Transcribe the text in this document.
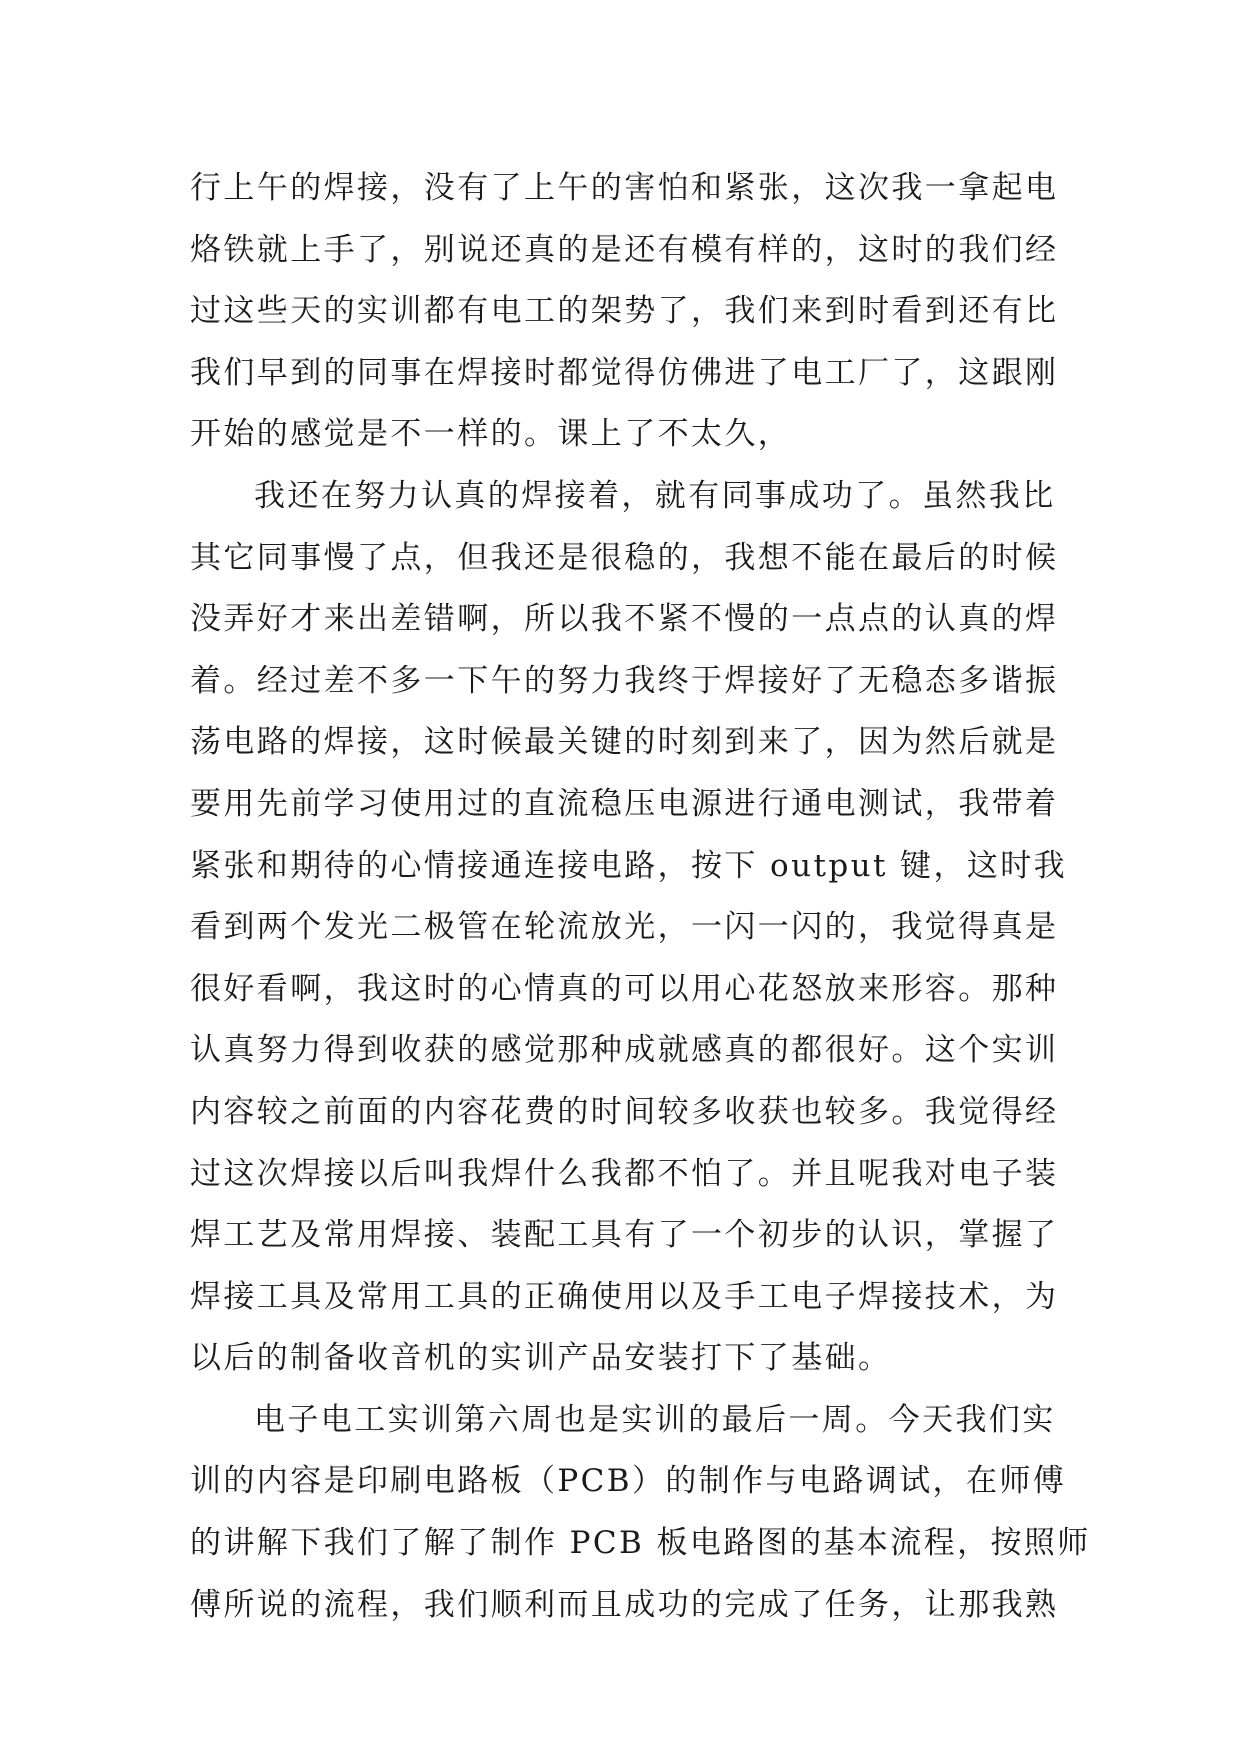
行上午的焊接，没有了上午的害怕和紧张，这次我一拿起电
烙铁就上手了，别说还真的是还有模有样的，这时的我们经
过这些天的实训都有电工的架势了，我们来到时看到还有比
我们早到的同事在焊接时都觉得仿佛进了电工厂了，这跟刚
开始的感觉是不一样的。课上了不太久，
我还在努力认真的焊接着，就有同事成功了。虽然我比
其它同事慢了点，但我还是很稳的，我想不能在最后的时候
没弄好才来出差错啊，所以我不紧不慢的一点点的认真的焊
着。经过差不多一下午的努力我终于焊接好了无稳态多谐振
荡电路的焊接，这时候最关键的时刻到来了，因为然后就是
要用先前学习使用过的直流稳压电源进行通电测试，我带着
紧张和期待的心情接通连接电路，按下 output 键，这时我
看到两个发光二极管在轮流放光，一闪一闪的，我觉得真是
很好看啊，我这时的心情真的可以用心花怒放来形容。那种
认真努力得到收获的感觉那种成就感真的都很好。这个实训
内容较之前面的内容花费的时间较多收获也较多。我觉得经
过这次焊接以后叫我焊什么我都不怕了。并且呢我对电子装
焊工艺及常用焊接、装配工具有了一个初步的认识，掌握了
焊接工具及常用工具的正确使用以及手工电子焊接技术，为
以后的制备收音机的实训产品安装打下了基础。
电子电工实训第六周也是实训的最后一周。今天我们实
训的内容是印刷电路板（PCB）的制作与电路调试，在师傅
的讲解下我们了解了制作 PCB 板电路图的基本流程，按照师
傅所说的流程，我们顺利而且成功的完成了任务，让那我熟
